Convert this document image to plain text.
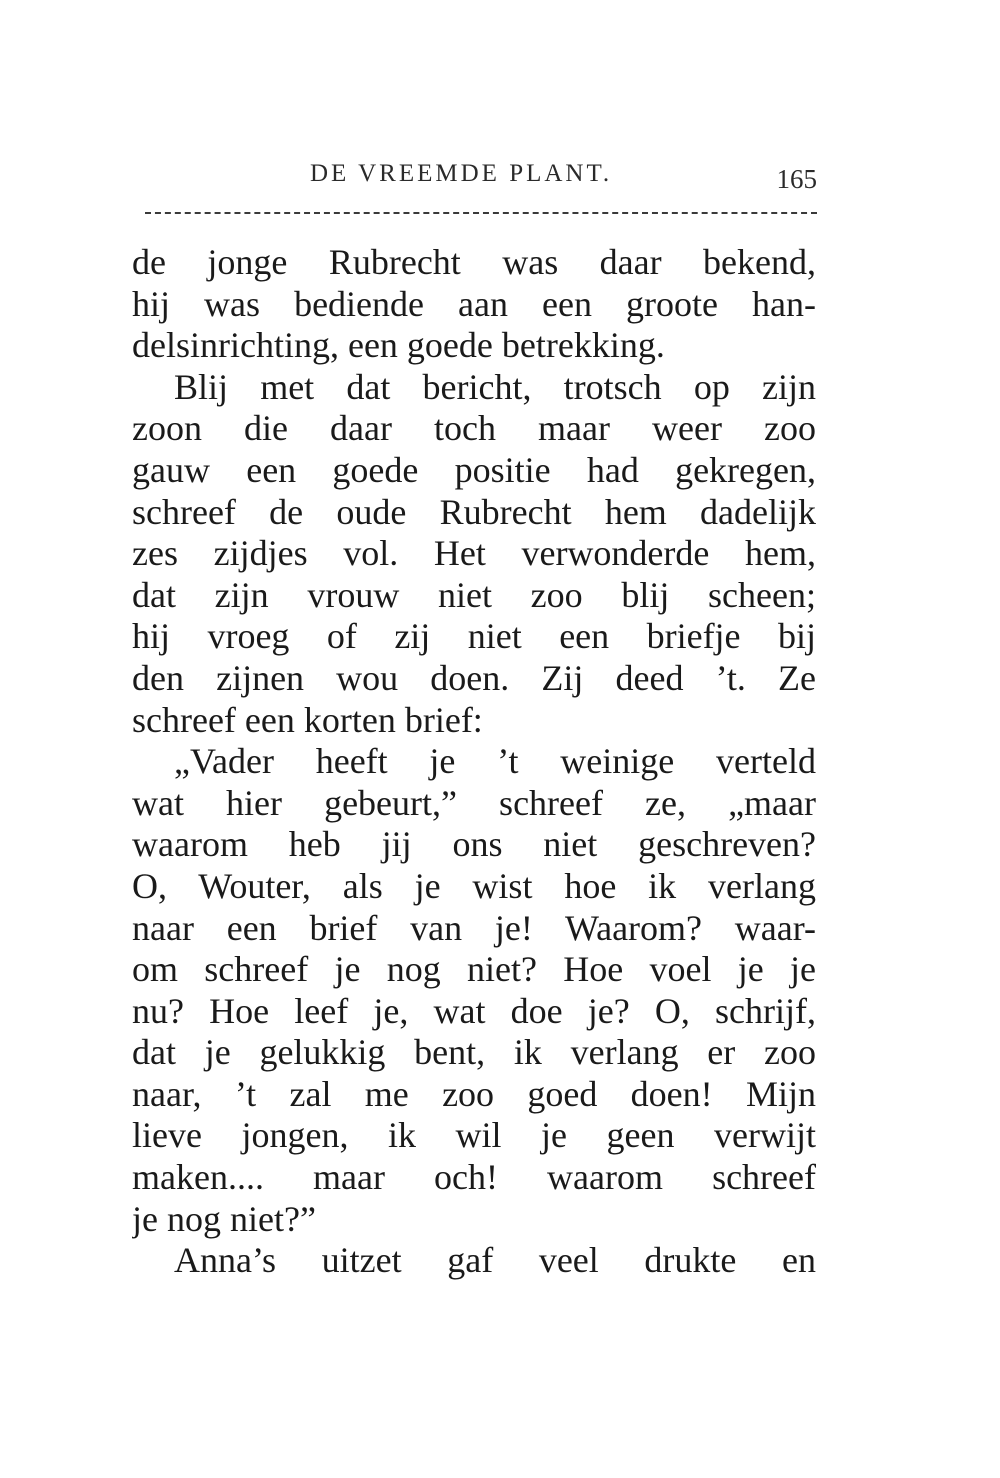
DE VREEMDE PLANT.	165
de jonge Rubrecht was daar bekend,
hij was bediende aan een groote han-
delsinrichting, een goede betrekking.
Blij met dat bericht, trotsch op zijn
zoon die daar toch maar weer zoo
gauw een goede positie had gekregen,
schreef de oude Rubrecht hem dadelijk
zes zijdjes vol. Het verwonderde hem,
dat zijn vrouw niet zoo blij scheen;
hij vroeg of zij niet een briefje bij
den zijnen wou doen. Zij deed ’t. Ze
schreef een korten brief:
„Vader heeft je ’t weinige verteld
wat hier gebeurt,” schreef ze, „maar
waarom heb jij ons niet geschreven?
O, Wouter, als je wist hoe ik verlang
naar een brief van je! Waarom? waar-
om schreef je nog niet? Hoe voel je je
nu? Hoe leef je, wat doe je? O, schrijf,
dat je gelukkig bent, ik verlang er zoo
naar, ’t zal me zoo goed doen! Mijn
lieve jongen, ik wil je geen verwijt
maken.... maar och! waarom schreef
je nog niet?”
Anna’s uitzet gaf veel drukte en
